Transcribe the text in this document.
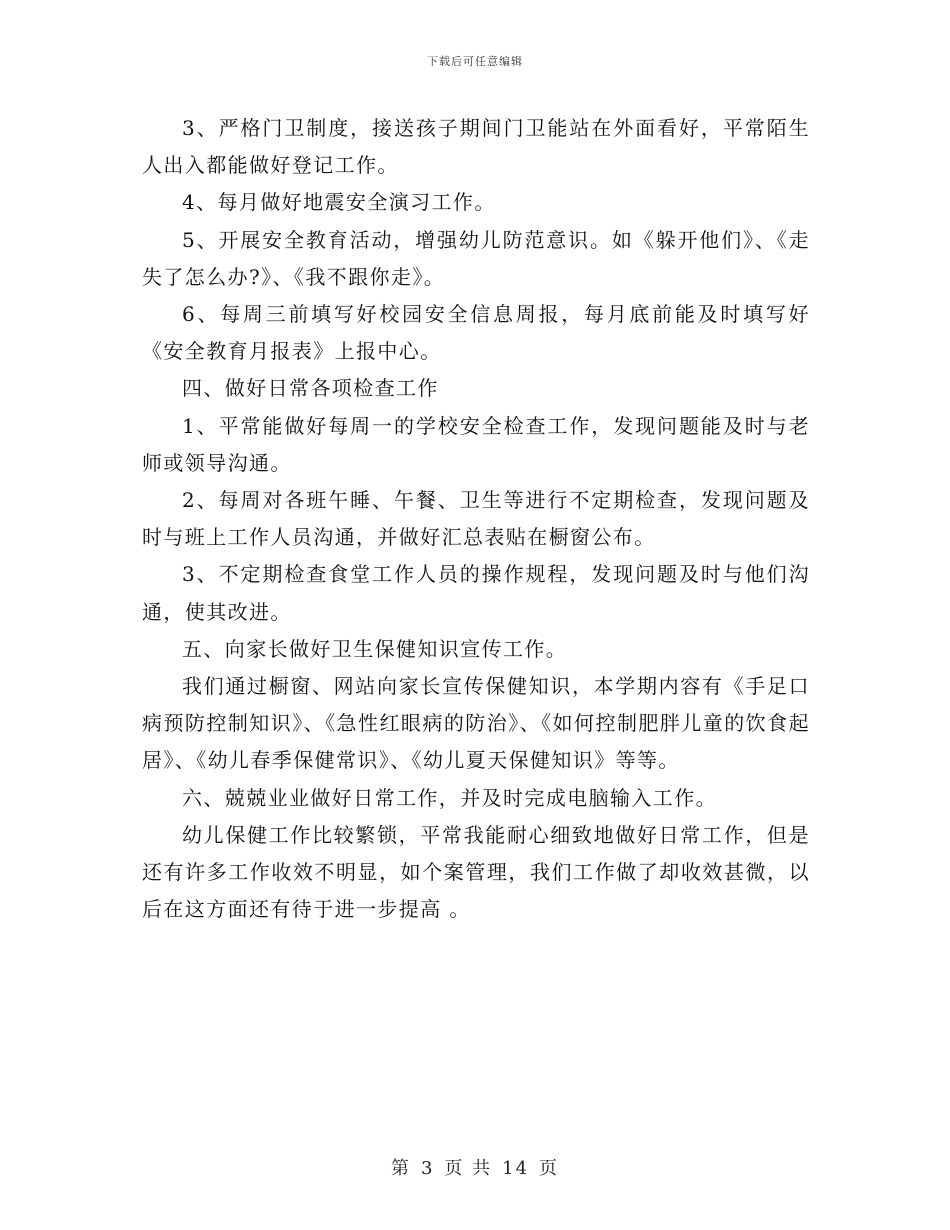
下载后可任意编辑

3、严格门卫制度，接送孩子期间门卫能站在外面看好，平常陌生人出入都能做好登记工作。

4、每月做好地震安全演习工作。

5、开展安全教育活动，增强幼儿防范意识。如《躲开他们》、《走失了怎么办?》、《我不跟你走》。

6、每周三前填写好校园安全信息周报，每月底前能及时填写好《安全教育月报表》上报中心。

四、做好日常各项检查工作

1、平常能做好每周一的学校安全检查工作，发现问题能及时与老师或领导沟通。

2、每周对各班午睡、午餐、卫生等进行不定期检查，发现问题及时与班上工作人员沟通，并做好汇总表贴在橱窗公布。

3、不定期检查食堂工作人员的操作规程，发现问题及时与他们沟通，使其改进。

五、向家长做好卫生保健知识宣传工作。

我们通过橱窗、网站向家长宣传保健知识，本学期内容有《手足口病预防控制知识》、《急性红眼病的防治》、《如何控制肥胖儿童的饮食起居》、《幼儿春季保健常识》、《幼儿夏天保健知识》等等。

六、兢兢业业做好日常工作，并及时完成电脑输入工作。

幼儿保健工作比较繁锁，平常我能耐心细致地做好日常工作，但是还有许多工作收效不明显，如个案管理，我们工作做了却收效甚微，以后在这方面还有待于进一步提高 。

第 3 页 共 14 页
